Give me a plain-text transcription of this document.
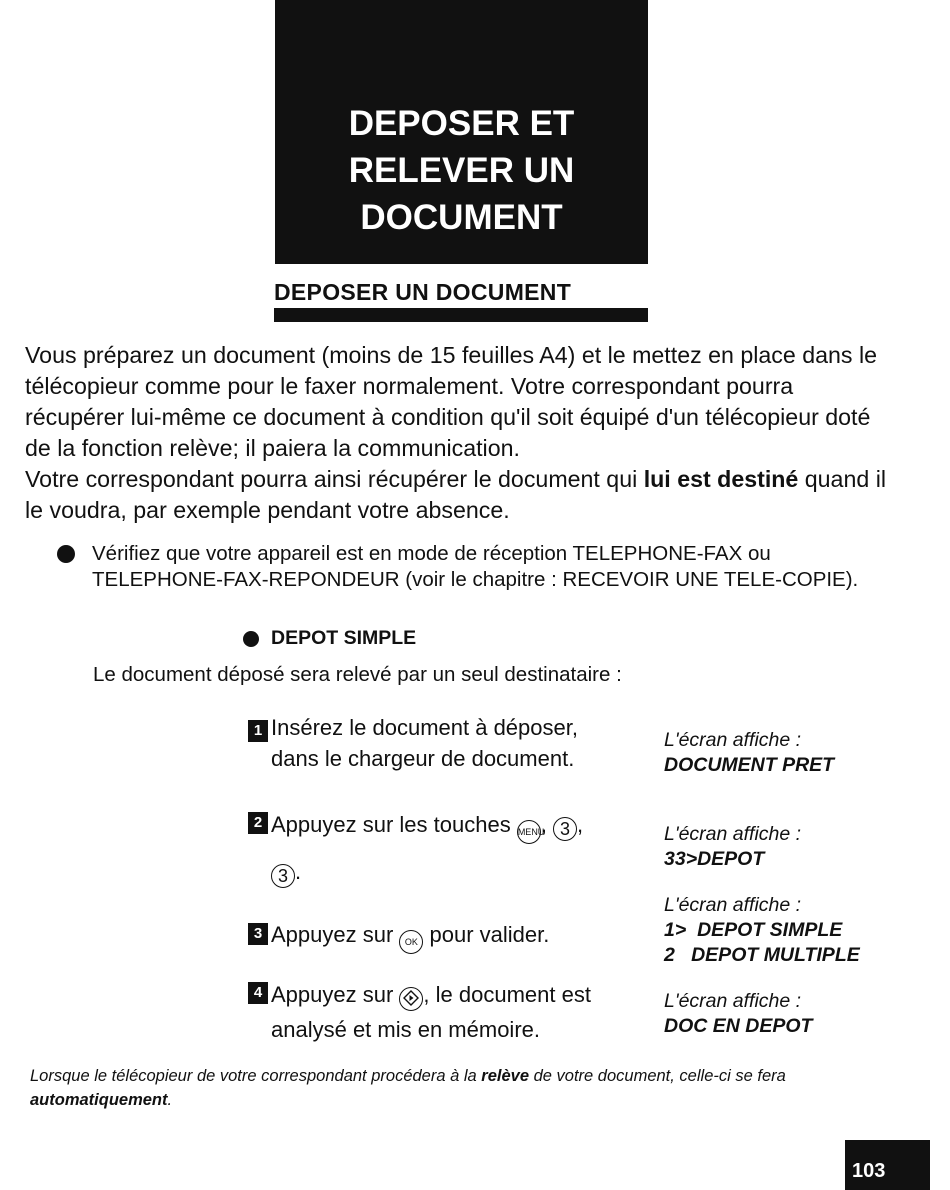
DEPOSER ET
RELEVER UN
DOCUMENT
DEPOSER UN DOCUMENT
Vous préparez un document (moins de 15 feuilles A4) et le mettez en place dans le télécopieur comme pour le faxer normalement. Votre correspondant pourra récupérer lui-même ce document à condition qu'il soit équipé d'un télécopieur doté de la fonction relève; il paiera la communication.
Votre correspondant pourra ainsi récupérer le document qui lui est destiné quand il le voudra, par exemple pendant votre absence.
Vérifiez que votre appareil est en mode de réception TELEPHONE-FAX ou TELEPHONE-FAX-REPONDEUR (voir le chapitre : RECEVOIR UNE TELE-COPIE).
DEPOT SIMPLE
Le document déposé sera relevé par un seul destinataire :
1 Insérez le document à déposer,
dans le chargeur de document.
L'écran affiche :
DOCUMENT PRET
2 Appuyez sur les touches MENU, 3 ,
3 .
L'écran affiche :
33>DEPOT
3 Appuyez sur OK pour valider.
L'écran affiche :
1>  DEPOT SIMPLE
2   DEPOT MULTIPLE
4 Appuyez sur , le document est
analysé et mis en mémoire.
L'écran affiche :
DOC EN DEPOT
Lorsque le télécopieur de votre correspondant procédera à la relève de votre document, celle-ci se fera automatiquement.
103
